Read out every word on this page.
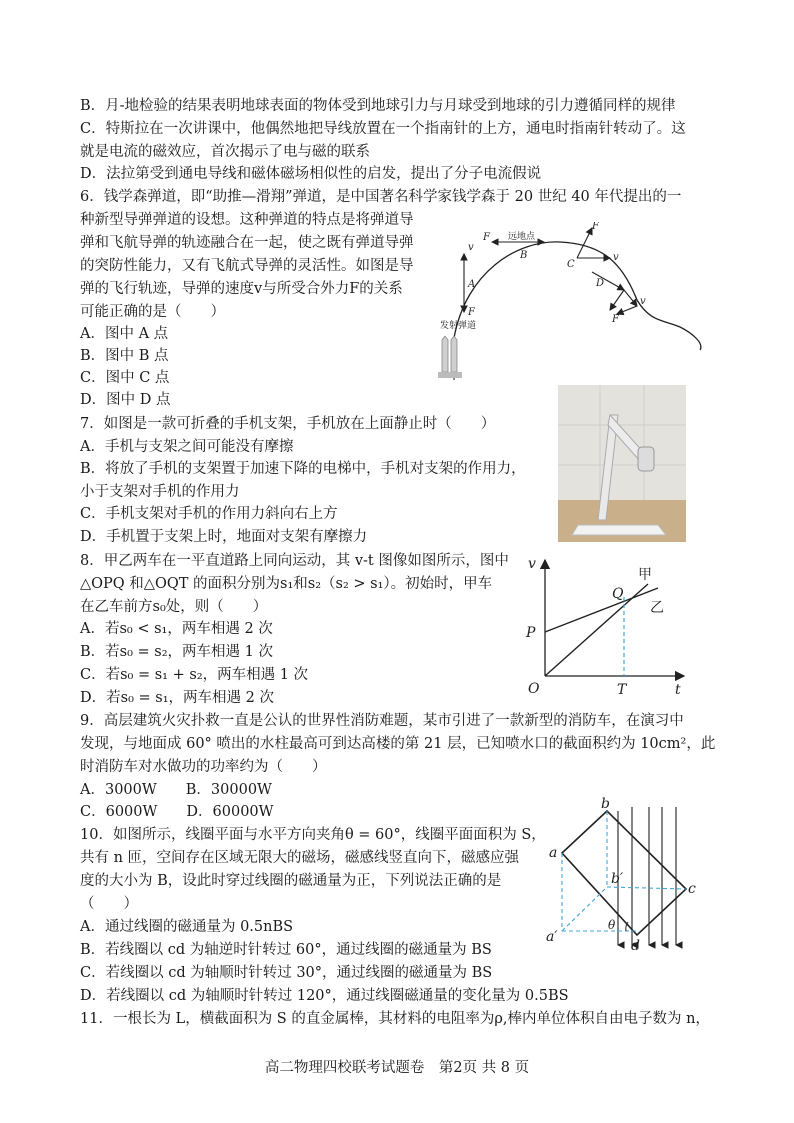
B．月-地检验的结果表明地球表面的物体受到地球引力与月球受到地球的引力遵循同样的规律
C．特斯拉在一次讲课中，他偶然地把导线放置在一个指南针的上方，通电时指南针转动了。这
就是电流的磁效应，首次揭示了电与磁的联系
D．法拉第受到通电导线和磁体磁场相似性的启发，提出了分子电流假说
6．钱学森弹道，即“助推—滑翔”弹道，是中国著名科学家钱学森于 20 世纪 40 年代提出的一
种新型导弹弹道的设想。这种弹道的特点是将弹道导
弹和飞航导弹的轨迹融合在一起，使之既有弹道导弹
的突防性能力，又有飞航式导弹的灵活性。如图是导
弹的飞行轨迹，导弹的速度v与所受合外力F的关系
可能正确的是（　　）
A．图中 A 点
B．图中 B 点
C．图中 C 点
D．图中 D 点
7．如图是一款可折叠的手机支架，手机放在上面静止时（　　）
A．手机与支架之间可能没有摩擦
B．将放了手机的支架置于加速下降的电梯中，手机对支架的作用力，
小于支架对手机的作用力
C．手机支架对手机的作用力斜向右上方
D．手机置于支架上时，地面对支架有摩擦力
8．甲乙两车在一平直道路上同向运动，其 v-t 图像如图所示，图中
△OPQ 和△OQT 的面积分别为s₁和s₂（s₂ > s₁）。初始时，甲车
在乙车前方s₀处，则（　　）
A．若s₀ < s₁，两车相遇 2 次
B．若s₀ = s₂，两车相遇 1 次
C．若s₀ = s₁ + s₂，两车相遇 1 次
D．若s₀ = s₁，两车相遇 2 次
9．高层建筑火灾扑救一直是公认的世界性消防难题，某市引进了一款新型的消防车，在演习中
发现，与地面成 60° 喷出的水柱最高可到达高楼的第 21 层，已知喷水口的截面积约为 10cm²，此
时消防车对水做功的功率约为（　　）
A．3000W　　B．30000W
C．6000W　　D．60000W
10．如图所示，线圈平面与水平方向夹角θ = 60°，线圈平面面积为 S，
共有 n 匝，空间存在区域无限大的磁场，磁感线竖直向下，磁感应强
度的大小为 B，设此时穿过线圈的磁通量为正，下列说法正确的是
（　　）
A．通过线圈的磁通量为 0.5nBS
B．若线圈以 cd 为轴逆时针转过 60°，通过线圈的磁通量为 BS
C．若线圈以 cd 为轴顺时针转过 30°，通过线圈的磁通量为 BS
D．若线圈以 cd 为轴顺时针转过 120°，通过线圈磁通量的变化量为 0.5BS
11．一根长为 L，横截面积为 S 的直金属棒，其材料的电阻率为ρ,棒内单位体积自由电子数为 n，
A
v
F
F
B
C
F
v
D
v
F
远地点
发射弹道
v
t
O
P
Q
T
甲
乙
b
a
c
d
b′
a′
θ
高二物理四校联考试题卷　第2页 共 8 页
